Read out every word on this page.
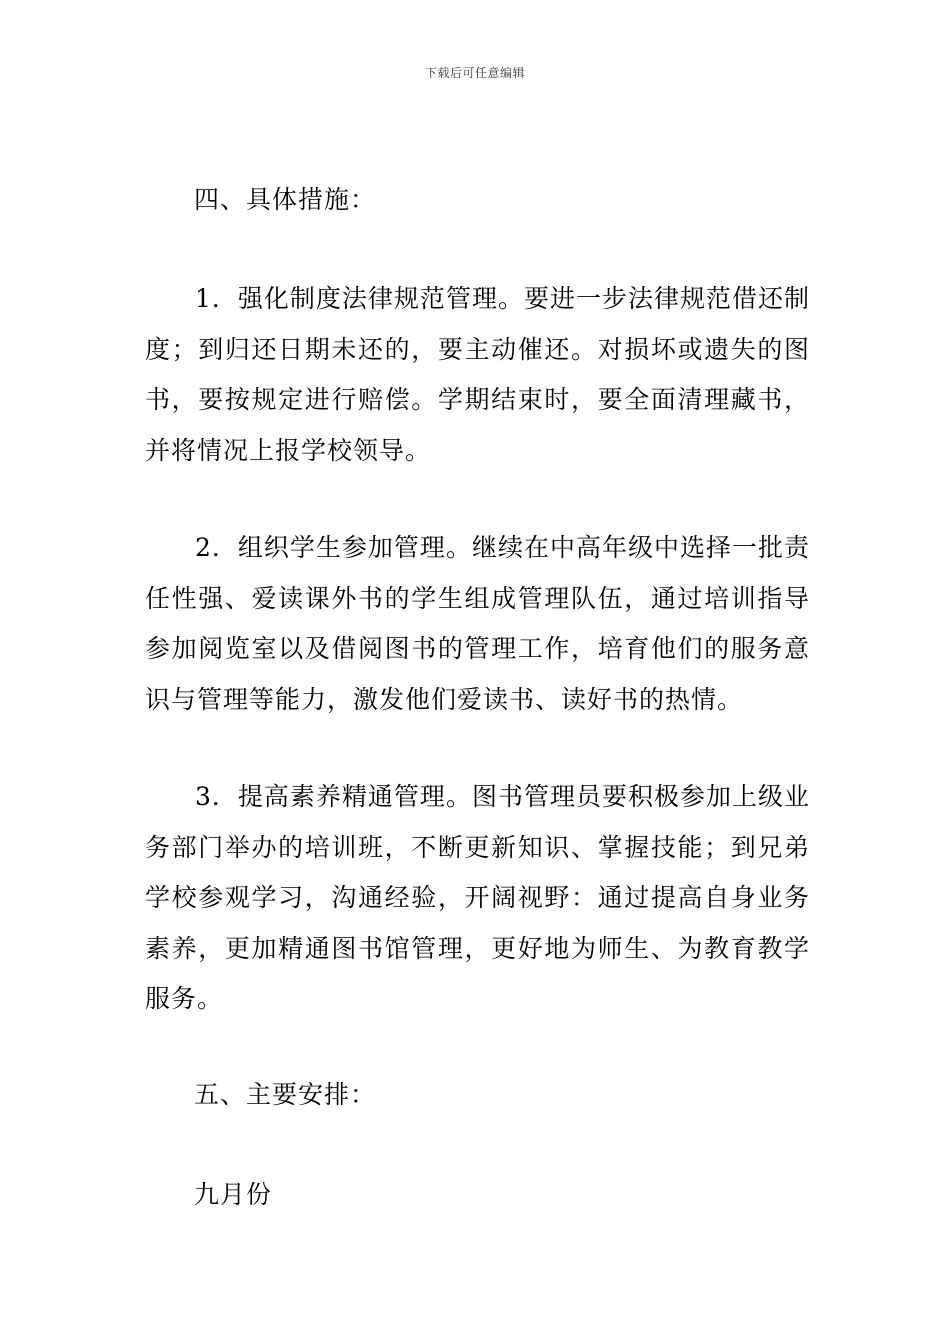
下载后可任意编辑
四、具体措施：
1．强化制度法律规范管理。要进一步法律规范借还制度；到归还日期未还的，要主动催还。对损坏或遗失的图书，要按规定进行赔偿。学期结束时，要全面清理藏书，并将情况上报学校领导。
2．组织学生参加管理。继续在中高年级中选择一批责任性强、爱读课外书的学生组成管理队伍，通过培训指导参加阅览室以及借阅图书的管理工作，培育他们的服务意识与管理等能力，激发他们爱读书、读好书的热情。
3．提高素养精通管理。图书管理员要积极参加上级业务部门举办的培训班，不断更新知识、掌握技能；到兄弟学校参观学习，沟通经验，开阔视野：通过提高自身业务素养，更加精通图书馆管理，更好地为师生、为教育教学服务。
五、主要安排：
九月份
